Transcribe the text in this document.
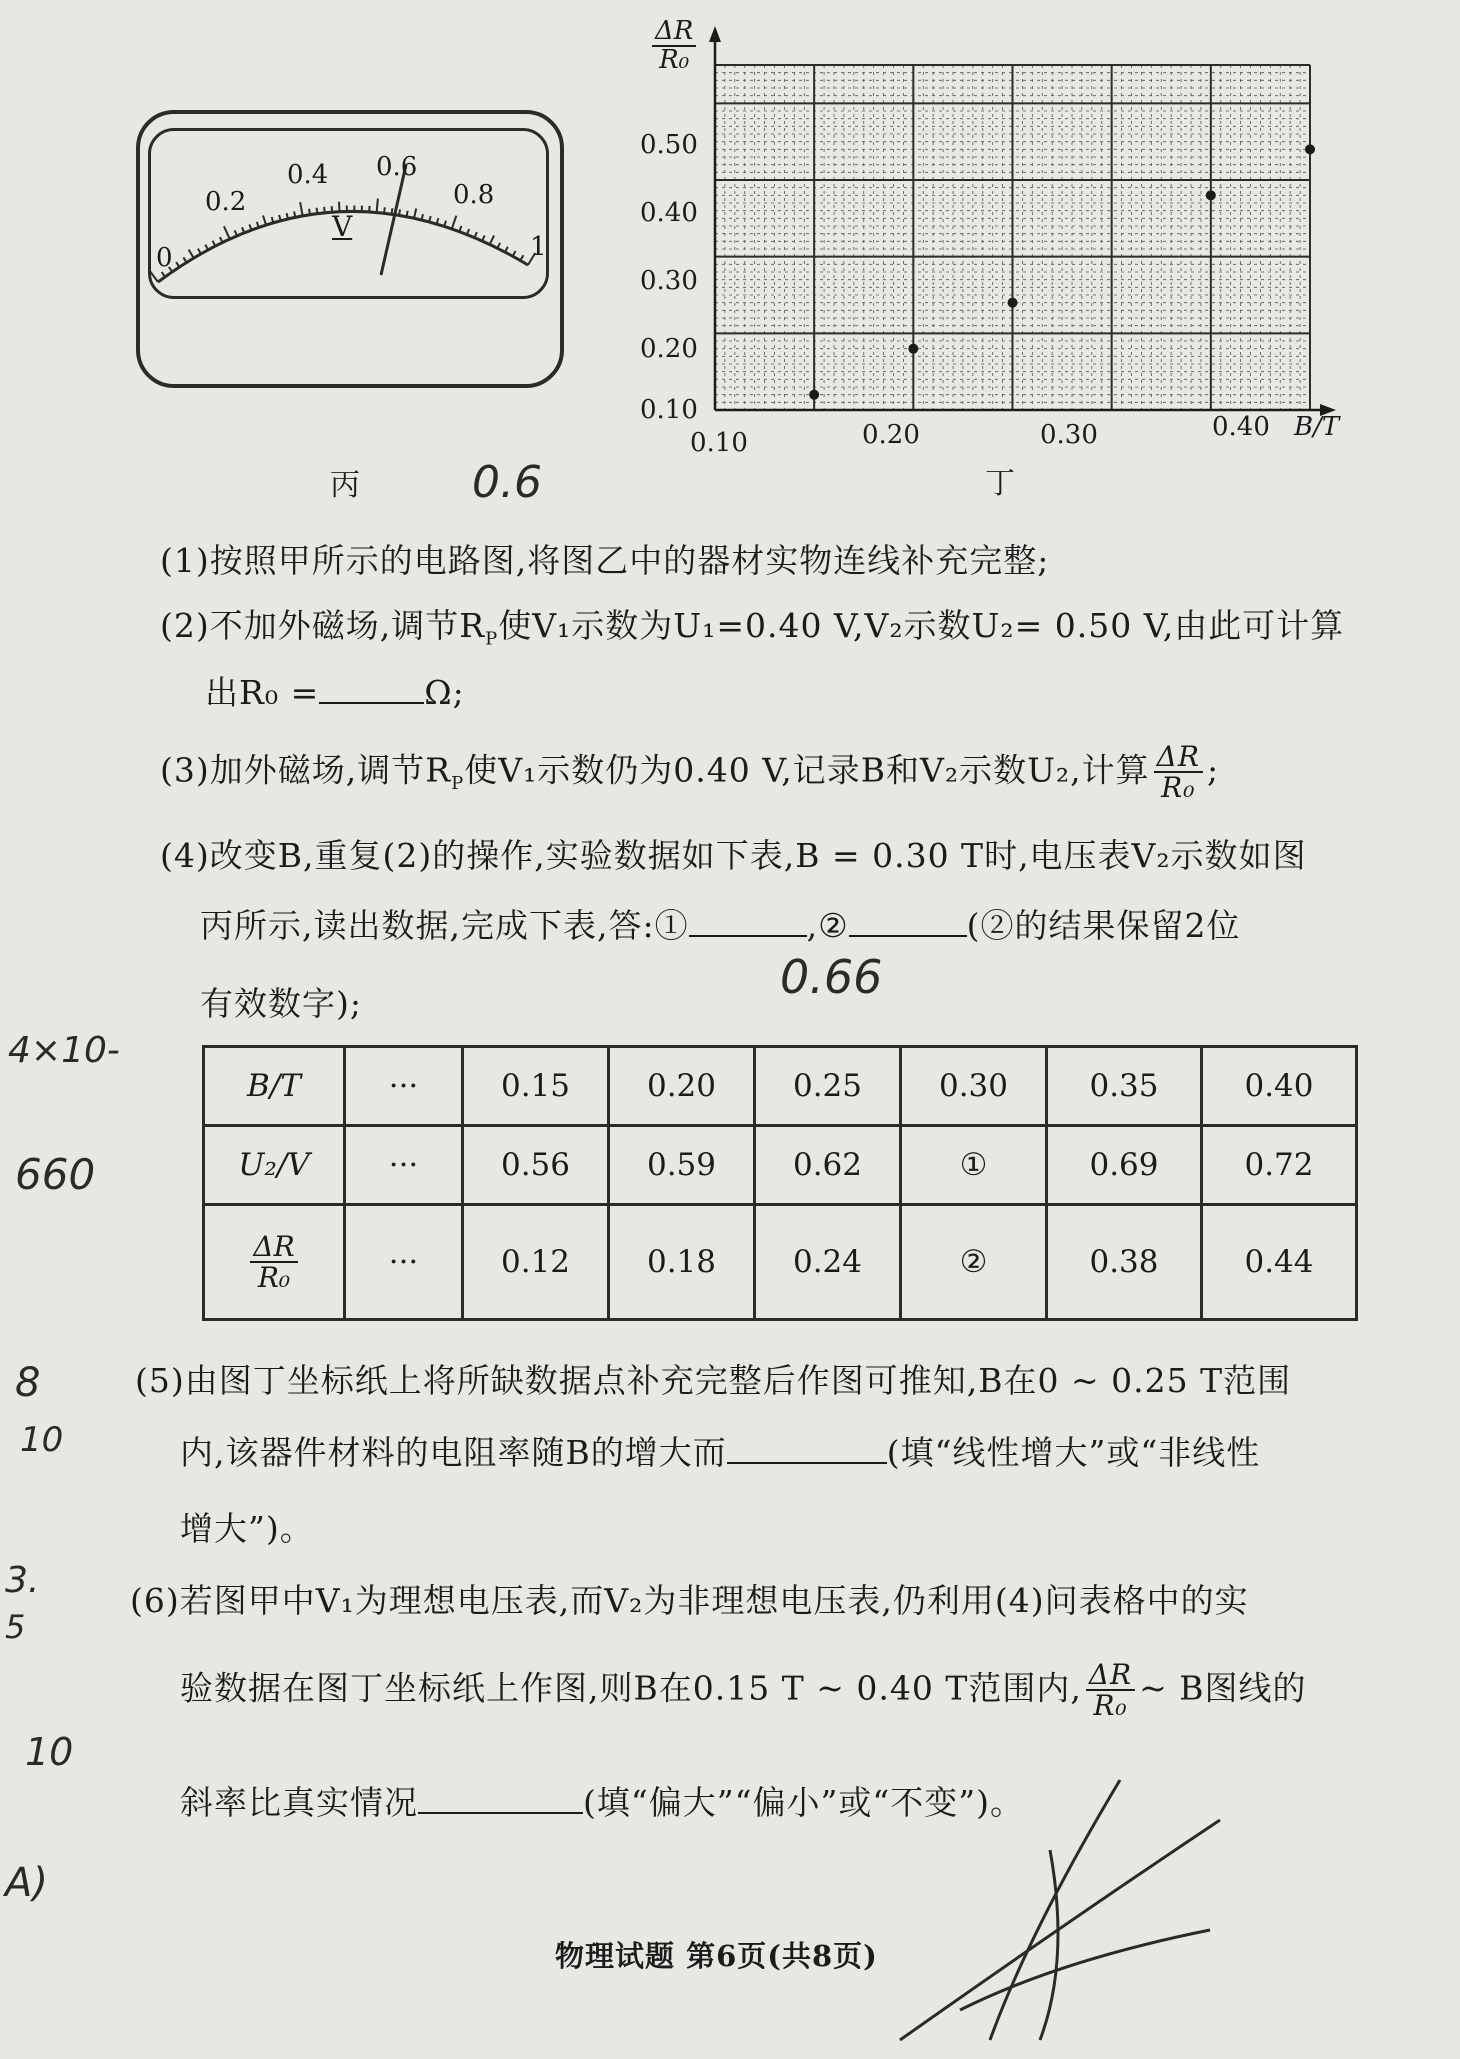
0
0.2
0.4 0.6
0.8
1
V
丙	0.6
$\frac{\Delta R}{\text{R₀}}$
0.50
0.40
0.30
0.20
0.10
0.10	0.20	0.30	0.40 B/T
丁
(1)按照甲所示的电路图,将图乙中的器材实物连线补充完整;
(2)不加外磁场,调节$R_P$使V₁示数为U₁=0.40 V,V₂示数U₂= 0.50 V,由此可计算
出R₀ =	Ω;
(3)加外磁场,调节$R_P$使V₁示数仍为0.40 V,记录B和V₂示数U₂,计算 $\frac{\Delta R}{\text{R₀}}$ ;
(4)改变B,重复(2)的操作,实验数据如下表,B = 0.30 T时,电压表V₂示数如图
丙所示,读出数据,完成下表,答:①	,②	(②的结果保留2位
0.66
有效数字);
B/T	···	0.15	0.20	0.25	0.30	0.35	0.40
U₂/V	···	0.56	0.59	0.62	①	0.69	0.72

$\frac{\Delta R}{\text{R₀}}$	···	0.12	0.18	0.24	②	0.38	0.44
(5)由图丁坐标纸上将所缺数据点补充完整后作图可推知,B在0 ~ 0.25 T范围
内,该器件材料的电阻率随B的增大而	(填“线性增大”或“非线性
增大”)。
(6)若图甲中V₁为理想电压表,而V₂为非理想电压表,仍利用(4)问表格中的实
验数据在图丁坐标纸上作图,则B在0.15 T ~ 0.40 T范围内, $\frac{\Delta R}{\text{R₀}}$ ~ B图线的
斜率比真实情况	(填“偏大”“偏小”或“不变”)。
物理试题 第6页(共8页)
4×10-
660
8
10
3.
5
10
A)
